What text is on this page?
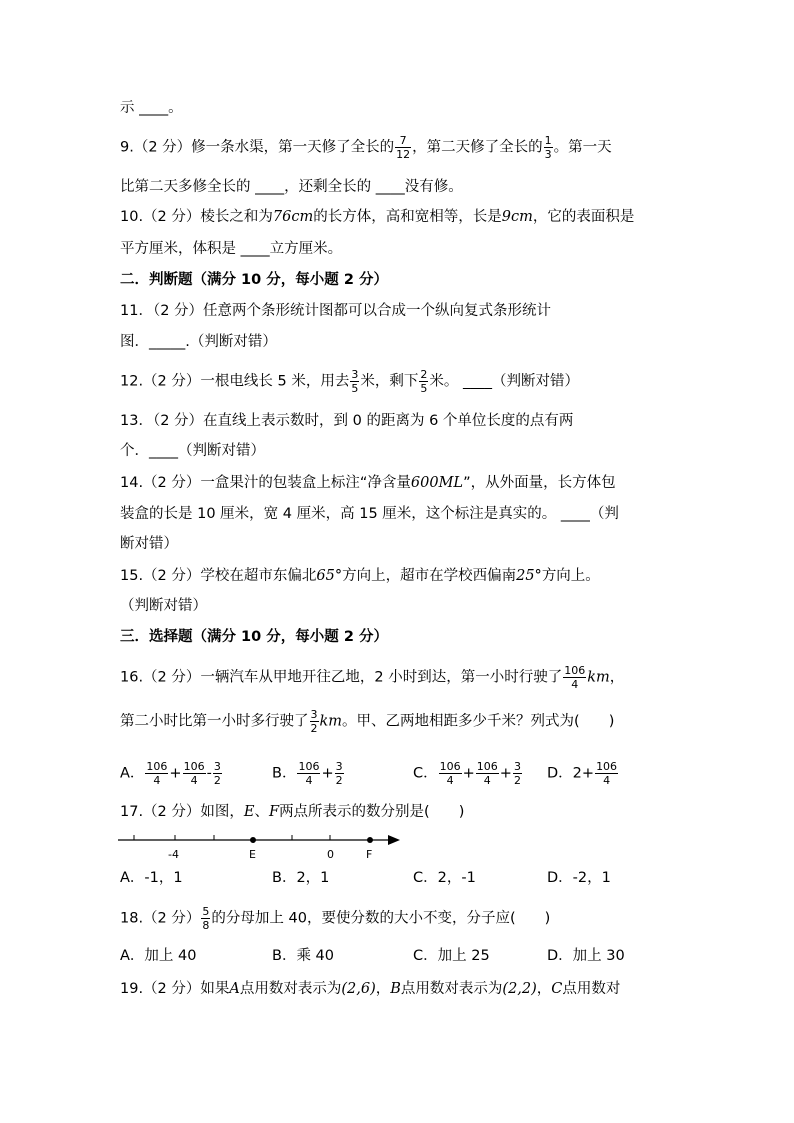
示 ____。
9.（2 分）修一条水渠，第一天修了全长的 $\frac{7}{12}$ ，第二天修了全长的 $\frac{1}{3}$ 。第一天
比第二天多修全长的 ____，还剩全长的 ____没有修。
10.（2 分）棱长之和为76cm的长方体，高和宽相等，长是9cm，它的表面积是
平方厘米，体积是 ____立方厘米。
二．判断题（满分 10 分，每小题 2 分）
11．（2 分）任意两个条形统计图都可以合成一个纵向复式条形统计
图．_____.（判断对错）
12.（2 分）一根电线长 5 米，用去 $\frac{3}{5}$ 米，剩下 $\frac{2}{5}$ 米。 ____（判断对错）
13．（2 分）在直线上表示数时，到 0 的距离为 6 个单位长度的点有两
个．____（判断对错）
14.（2 分）一盒果汁的包装盒上标注“净含量600ML”，从外面量，长方体包
装盒的长是 10 厘米，宽 4 厘米，高 15 厘米，这个标注是真实的。 ____（判
断对错）
15.（2 分）学校在超市东偏北65°方向上，超市在学校西偏南25°方向上。
（判断对错）
三．选择题（满分 10 分，每小题 2 分）
16.（2 分）一辆汽车从甲地开往乙地，2 小时到达，第一小时行驶了 $\frac{106}{4}$ km，
第二小时比第一小时多行驶了 $\frac{3}{2}$ km。甲、乙两地相距多少千米？列式为(　　)
A． $\frac{106}{4} + \frac{106}{4} - \frac{3}{2}$	B． $\frac{106}{4} + \frac{3}{2}$	C． $\frac{106}{4} + \frac{106}{4} + \frac{3}{2}$ D．$2+ \frac{106}{4}$
17.（2 分）如图，E、F两点所表示的数分别是(　　)
-4	E	0	F
A．-1，1	B．2，1	C．2，-1	D．-2，1
18.（2 分） $\frac{5}{8}$ 的分母加上 40，要使分数的大小不变，分子应(　　)
A．加上 40	B．乘 40	C．加上 25	D．加上 30
19.（2 分）如果A点用数对表示为(2,6)，B点用数对表示为(2,2)，C点用数对
